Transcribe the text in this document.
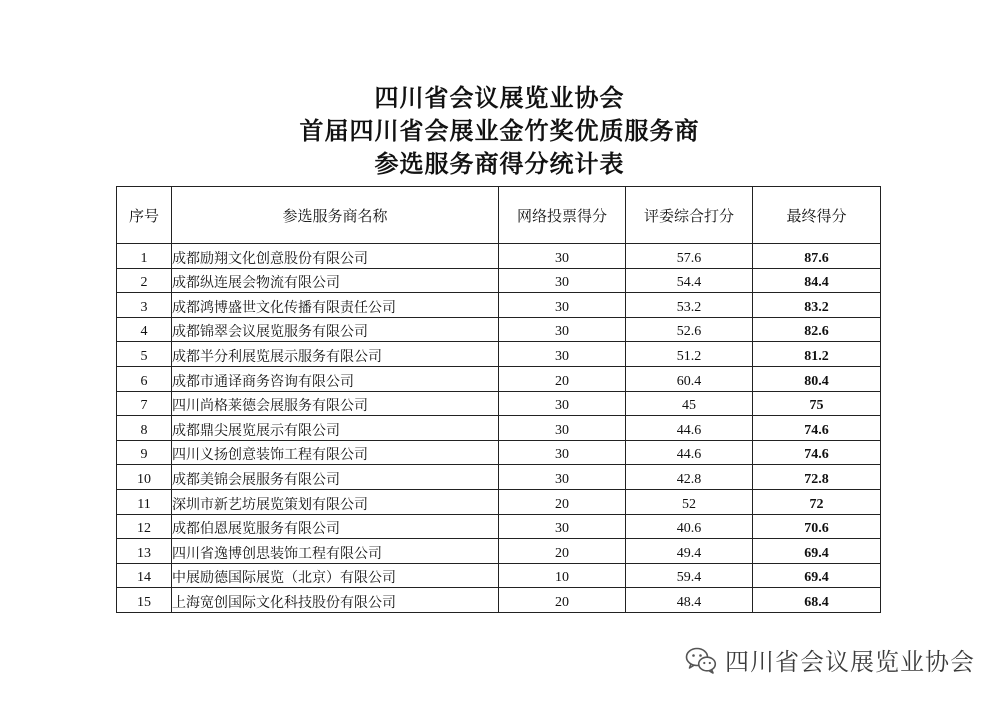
四川省会议展览业协会
首届四川省会展业金竹奖优质服务商
参选服务商得分统计表
序号	参选服务商名称	网络投票得分	评委综合打分	最终得分
1	成都励翔文化创意股份有限公司	30	57.6	87.6
2	成都纵连展会物流有限公司	30	54.4	84.4
3	成都鸿博盛世文化传播有限责任公司	30	53.2	83.2
4	成都锦翠会议展览服务有限公司	30	52.6	82.6
5	成都半分利展览展示服务有限公司	30	51.2	81.2
6	成都市通译商务咨询有限公司	20	60.4	80.4
7	四川尚格莱德会展服务有限公司	30	45	75
8	成都鼎尖展览展示有限公司	30	44.6	74.6
9	四川义扬创意装饰工程有限公司	30	44.6	74.6
10	成都美锦会展服务有限公司	30	42.8	72.8
11	深圳市新艺坊展览策划有限公司	20	52	72
12	成都伯恩展览服务有限公司	30	40.6	70.6
13	四川省逸博创思装饰工程有限公司	20	49.4	69.4
14	中展励德国际展览（北京）有限公司	10	59.4	69.4
15	上海宽创国际文化科技股份有限公司	20	48.4	68.4
四川省会议展览业协会
